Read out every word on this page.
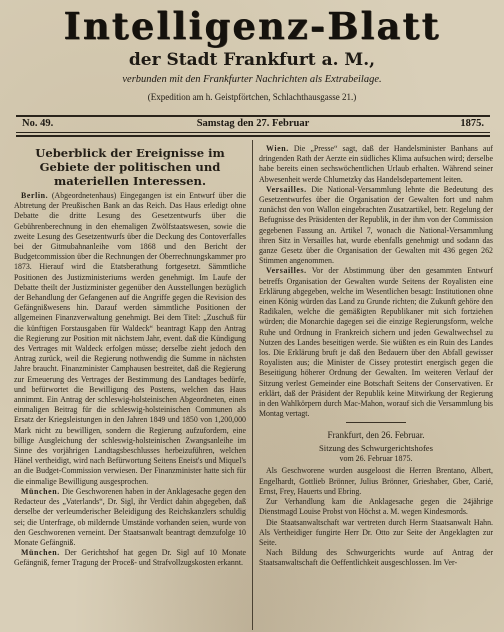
Intelligenz-Blatt
der Stadt Frankfurt a. M.,
verbunden mit den Frankfurter Nachrichten als Extrabeilage.
(Expedition am h. Geistpförtchen, Schlachthausgasse 21.)
No. 49.	Samstag den 27. Februar	1875.
Ueberblick der Ereignisse im Gebiete der politischen und materiellen Interessen.

Berlin. (Abgeordnetenhaus) Eingegangen ist ein Entwurf über die Abtretung der Preußischen Bank an das Reich. Das Haus erledigt ohne Debatte die dritte Lesung des Gesetzentwurfs über die Gebührenberechnung in den ehemaligen Zwölfstaatswesen, sowie die zweite Lesung des Gesetzentwurfs über die Deckung des Contoverfalles bei der Gitmubahnanleihe vom 1868 und den Bericht der Budgetcommission über die Rechnungen der Oberrechnungskammer pro 1873. Hierauf wird die Etatsberathung fortgesetzt. Sämmtliche Positionen des Justizministeriums werden genehmigt. Im Laufe der Debatte theilt der Justizminister gegenüber den Ausstellungen bezüglich der Behandlung der Gefangenen auf die Angriffe gegen die Revision des Gefängnißwesens hin. Darauf werden sämmtliche Positionen der allgemeinen Finanzverwaltung genehmigt. Bei dem Titel: „Zuschuß für die künftigen Forstausgaben für Waldeck“ beantragt Kapp den Antrag die Regierung zur Position mit nächstem Jahr, event. daß die Kündigung des Vertrages mit Waldeck erfolgen müsse; derselbe zieht jedoch den Antrag zurück, weil die Regierung nothwendig die Summe in nächsten Jahre braucht. Finanzminister Camphausen bestreitet, daß die Regierung zur Erneuerung des Vertrages der Bestimmung des Landtages bedürfe, und befürwortet die Bewilligung des Postens, welchen das Haus annimmt. Ein Antrag der schleswig-holsteinischen Abgeordneten, einen einmaligen Beitrag für die schleswig-holsteinischen Communen als Ersatz der Kriegsleistungen in den Jahren 1849 und 1850 von 1,200,000 Mark nicht zu bewilligen, sondern die Regierung aufzufordern, eine billige Ausgleichung der schleswig-holsteinischen Zwangsanleihe im Sinne des vorjährigen Landtagsbeschlusses herbeizuführen, welchen Hänel vertheidigt, wird nach Befürwortung Seitens Eneist's und Miquel's an die Budget-Commission verwiesen. Der Finanzminister hatte sich für die einmalige Bewilligung ausgesprochen.

München. Die Geschworenen haben in der Anklagesache gegen den Redacteur des „Vaterlands“, Dr. Sigl, ihr Verdict dahin abgegeben, daß derselbe der verleumderischer Beleidigung des Reichskanzlers schuldig sei; die Unterfrage, ob mildernde Umstände vorhanden seien, wurde von den Geschworenen verneint. Der Staatsanwalt beantragt demzufolge 10 Monate Gefängniß.

München. Der Gerichtshof hat gegen Dr. Sigl auf 10 Monate Gefängniß, ferner Tragung der Proceß- und Strafvollzugskosten erkannt.

Wien. Die „Presse“ sagt, daß der Handelsminister Banhans auf dringenden Rath der Aerzte ein südliches Klima aufsuchen wird; derselbe habe bereits einen sechswöchentlichen Urlaub erhalten. Während seiner Abwesenheit werde Chlumetzky das Handelsdepartement leiten.

Versailles. Die National-Versammlung lehnte die Bedeutung des Gesetzentwurfes über die Organisation der Gewalten fort und nahm zunächst den von Wallon eingebrachten Zusatzartikel, betr. Regelung der Befugnisse des Präsidenten der Republik, in der ihm von der Commission gegebenen Fassung an. Artikel 7, wonach die National-Versammlung ihren Sitz in Versailles hat, wurde ebenfalls genehmigt und sodann das ganze Gesetz über die Organisation der Gewalten mit 436 gegen 262 Stimmen angenommen.

Versailles. Vor der Abstimmung über den gesammten Entwurf betreffs Organisation der Gewalten wurde Seitens der Royalisten eine Erklärung abgegeben, welche im Wesentlichen besagt: Institutionen ohne einen König würden das Land zu Grunde richten; die Zukunft gehöre den Radikalen, welche die gemäßigten Republikaner mit sich fortziehen würden; die Monarchie dagegen sei die einzige Regierungsform, welche Ruhe und Ordnung in Frankreich sichern und jeden Gewaltwechsel zu Nutzen des Landes beseitigen werde. Sie wüßten es ein Ruin des Landes los. Die Erklärung bruft je daß den Bedauern über den Abfall gewisser Royalisten aus; die Minister de Cissey protestirt energisch gegen die Beseitigung höherer Ordnung der Gewalten. Im weiteren Verlauf der Sitzung verlest Gemeinder eine Botschaft Seitens der Conservativen. Er erklärt, daß der Präsident der Republik keine Mitwirkung der Regierung in den Wahlkörpern durch Mac-Mahon, worauf sich die Versammlung bis Montag vertagt.

Frankfurt, den 26. Februar.
Sitzung des Schwurgerichtshofes
vom 26. Februar 1875.

Als Geschworene wurden ausgeloost die Herren Brentano, Albert, Engelhardt, Gottlieb Brönner, Julius Brönner, Grieshaber, Gber, Carié, Ernst, Frey, Hauerts und Ebring.

Zur Verhandlung kam die Anklagesache gegen die 24jährige Dienstmagd Louise Probst von Höchst a. M. wegen Kindesmords.

Die Staatsanwaltschaft war vertreten durch Herrn Staatsanwalt Hahn. Als Vertheidiger fungirte Herr Dr. Otto zur Seite der Angeklagten zur Seite.

Nach Bildung des Schwurgerichts wurde auf Antrag der Staatsanwaltschaft die Oeffentlichkeit ausgeschlossen. Im Ver-
